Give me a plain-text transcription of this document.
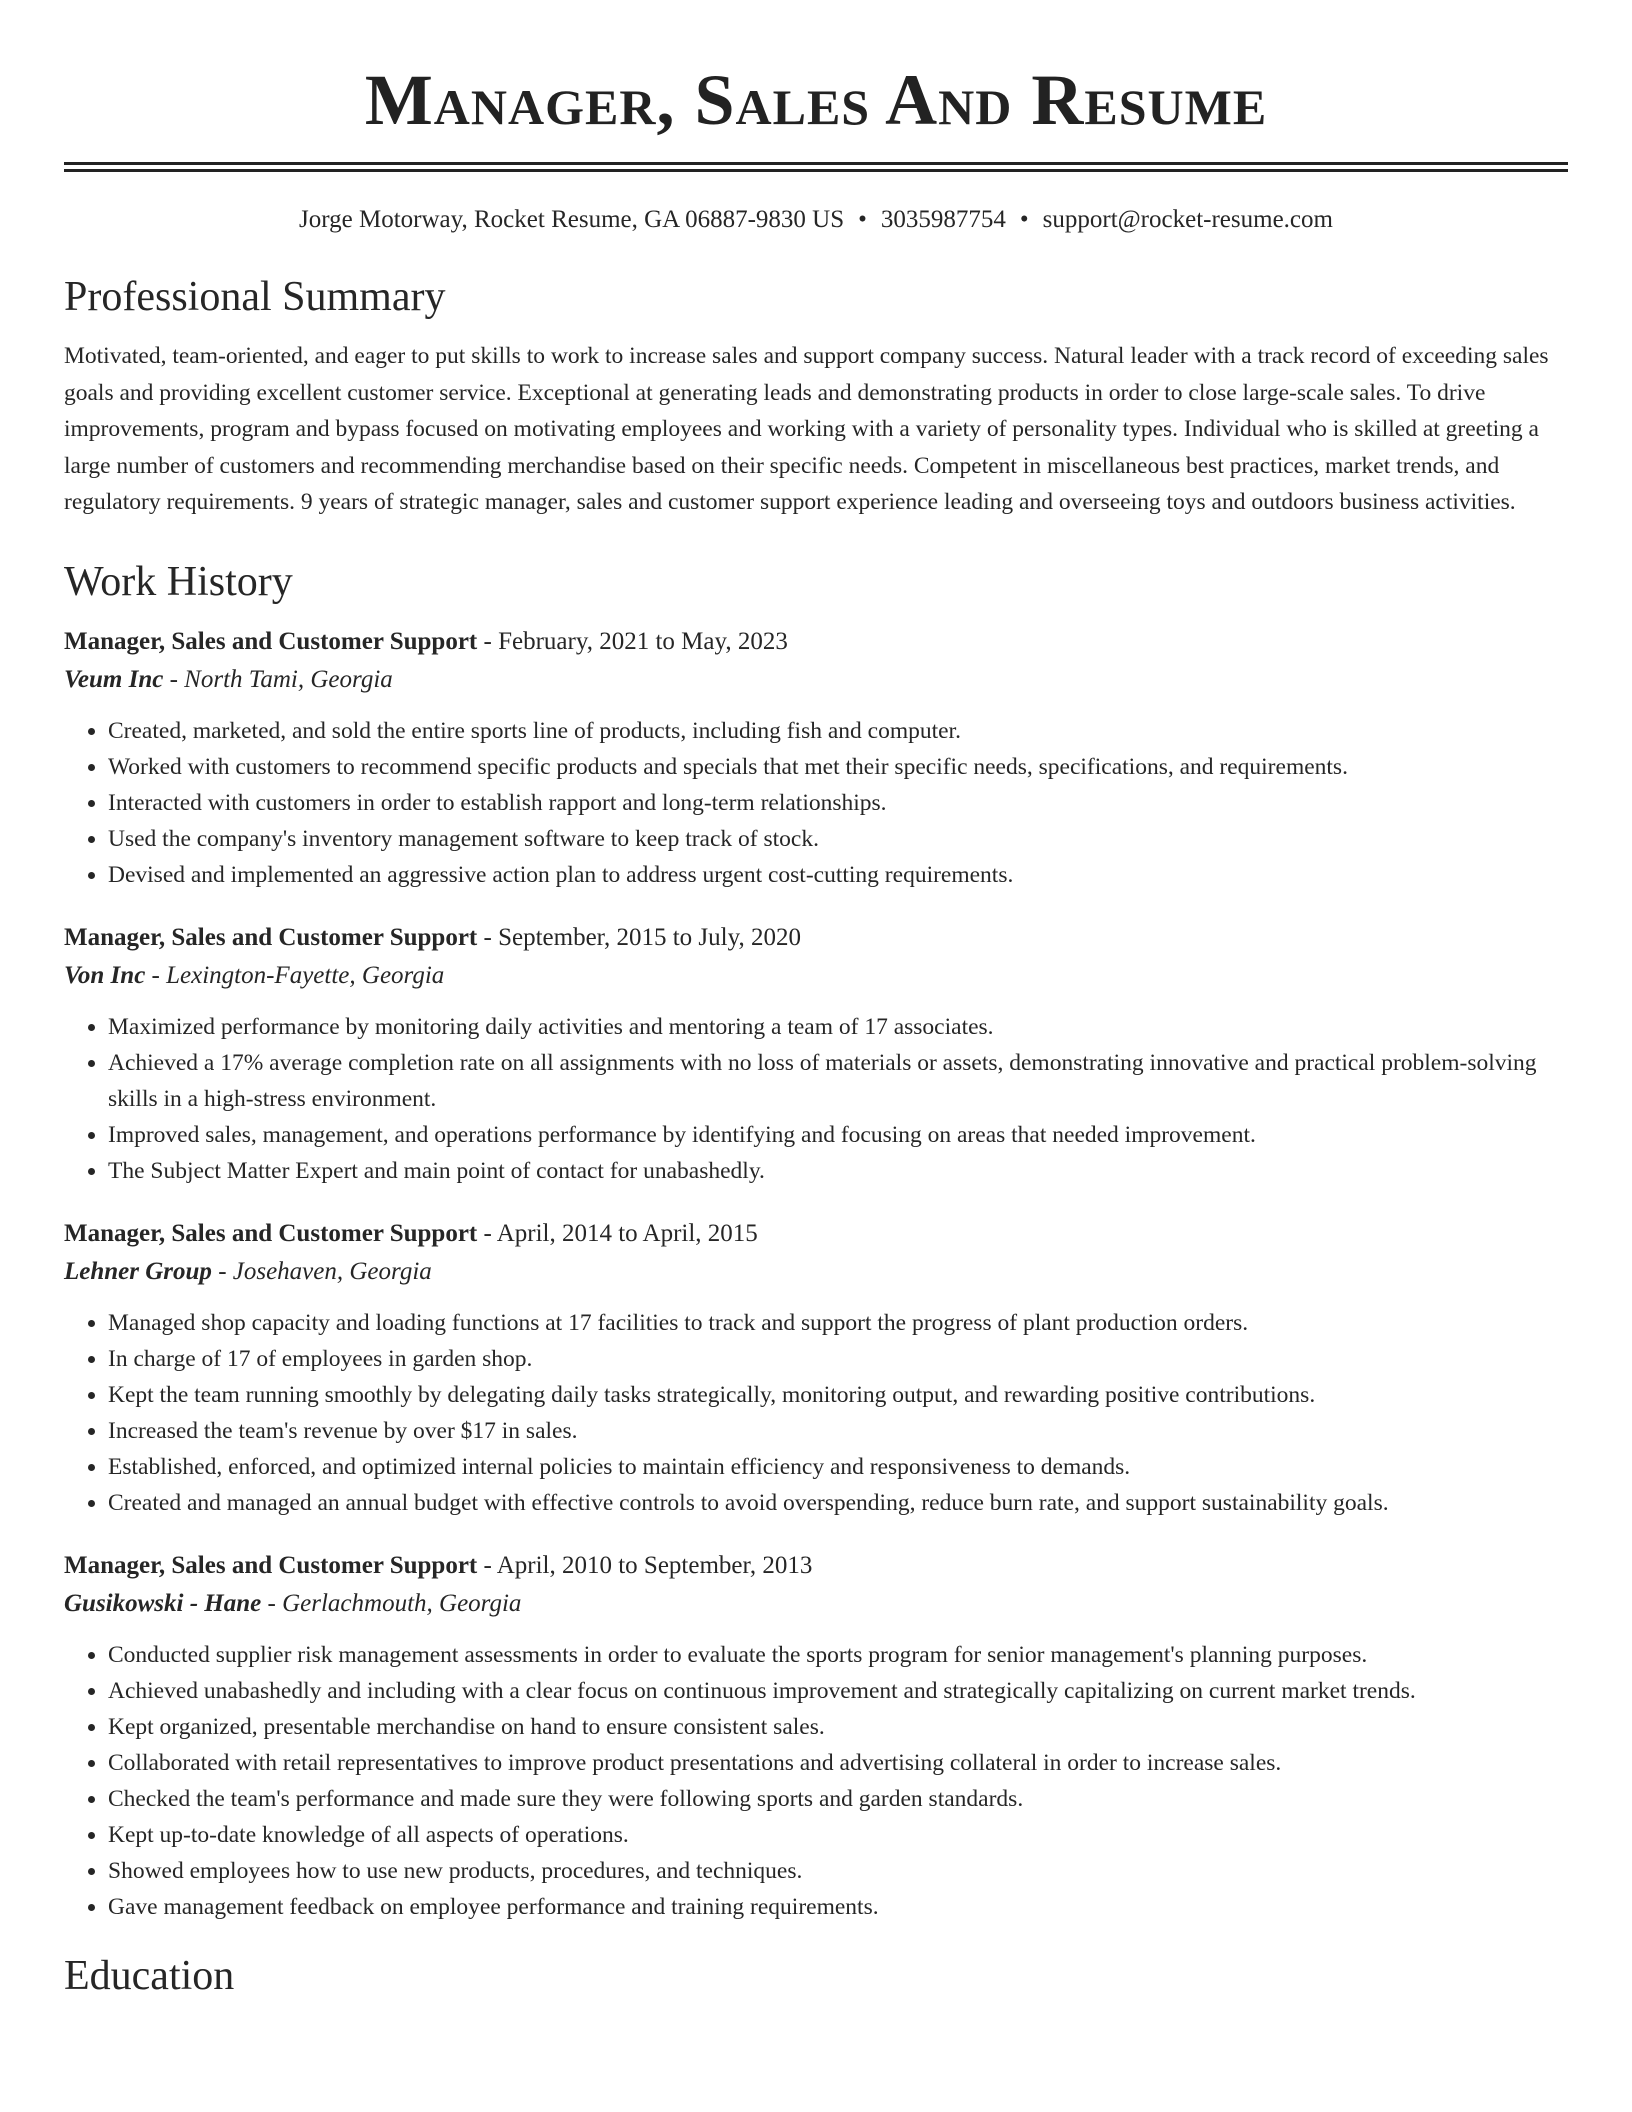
Manager, Sales And Resume
Jorge Motorway, Rocket Resume, GA 06887-9830 US • 3035987754 • support@rocket-resume.com
Professional Summary

Motivated, team-oriented, and eager to put skills to work to increase sales and support company success. Natural leader with a track record of exceeding sales goals and providing excellent customer service. Exceptional at generating leads and demonstrating products in order to close large-scale sales. To drive improvements, program and bypass focused on motivating employees and working with a variety of personality types. Individual who is skilled at greeting a large number of customers and recommending merchandise based on their specific needs. Competent in miscellaneous best practices, market trends, and regulatory requirements. 9 years of strategic manager, sales and customer support experience leading and overseeing toys and outdoors business activities.

Work History
Manager, Sales and Customer Support - February, 2021 to May, 2023
Veum Inc - North Tami, Georgia
• Created, marketed, and sold the entire sports line of products, including fish and computer.
• Worked with customers to recommend specific products and specials that met their specific needs, specifications, and requirements.
• Interacted with customers in order to establish rapport and long-term relationships.
• Used the company's inventory management software to keep track of stock.
• Devised and implemented an aggressive action plan to address urgent cost-cutting requirements.
Manager, Sales and Customer Support - September, 2015 to July, 2020
Von Inc - Lexington-Fayette, Georgia
• Maximized performance by monitoring daily activities and mentoring a team of 17 associates.
• Achieved a 17% average completion rate on all assignments with no loss of materials or assets, demonstrating innovative and practical problem-solving skills in a high-stress environment.
• Improved sales, management, and operations performance by identifying and focusing on areas that needed improvement.
• The Subject Matter Expert and main point of contact for unabashedly.
Manager, Sales and Customer Support - April, 2014 to April, 2015
Lehner Group - Josehaven, Georgia
• Managed shop capacity and loading functions at 17 facilities to track and support the progress of plant production orders.
• In charge of 17 of employees in garden shop.
• Kept the team running smoothly by delegating daily tasks strategically, monitoring output, and rewarding positive contributions.
• Increased the team's revenue by over $17 in sales.
• Established, enforced, and optimized internal policies to maintain efficiency and responsiveness to demands.
• Created and managed an annual budget with effective controls to avoid overspending, reduce burn rate, and support sustainability goals.
Manager, Sales and Customer Support - April, 2010 to September, 2013
Gusikowski - Hane - Gerlachmouth, Georgia
• Conducted supplier risk management assessments in order to evaluate the sports program for senior management's planning purposes.
• Achieved unabashedly and including with a clear focus on continuous improvement and strategically capitalizing on current market trends.
• Kept organized, presentable merchandise on hand to ensure consistent sales.
• Collaborated with retail representatives to improve product presentations and advertising collateral in order to increase sales.
• Checked the team's performance and made sure they were following sports and garden standards.
• Kept up-to-date knowledge of all aspects of operations.
• Showed employees how to use new products, procedures, and techniques.
• Gave management feedback on employee performance and training requirements.
Education
